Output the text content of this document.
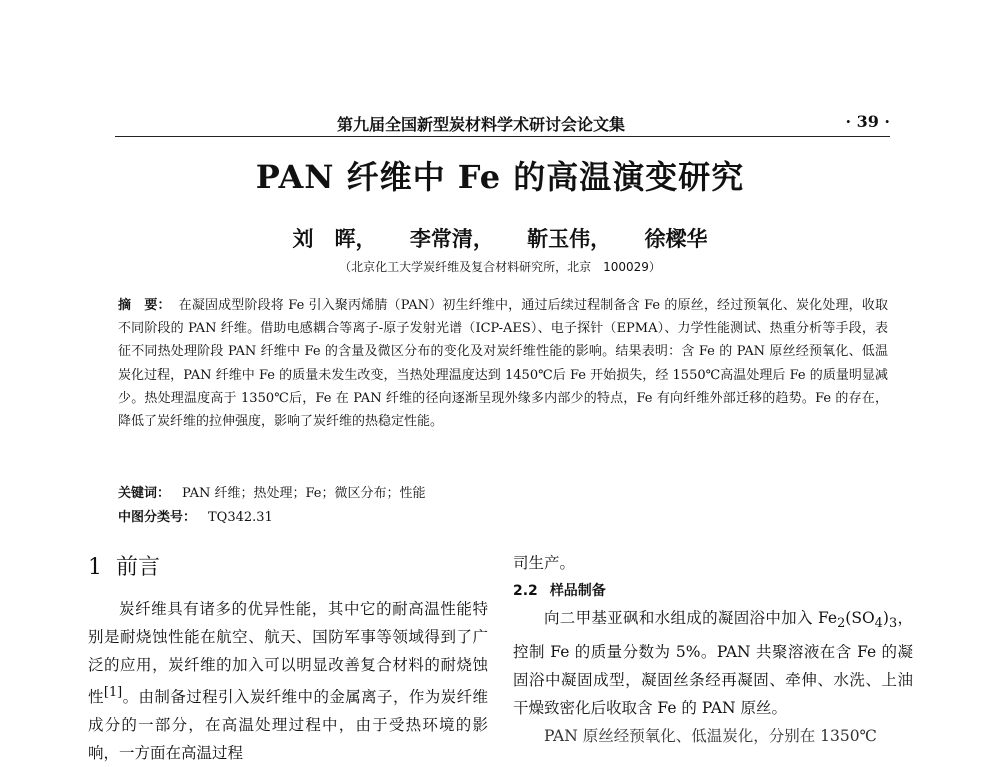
第九届全国新型炭材料学术研讨会论文集	· 39 ·
PAN 纤维中 Fe 的高温演变研究
刘　晖， 李常清， 靳玉伟， 徐樑华
（北京化工大学炭纤维及复合材料研究所，北京　100029）
摘　要： 在凝固成型阶段将 Fe 引入聚丙烯腈（PAN）初生纤维中，通过后续过程制备含 Fe 的原丝，经过预氧化、炭化处理，收取不同阶段的 PAN 纤维。借助电感耦合等离子-原子发射光谱（ICP-AES）、电子探针（EPMA）、力学性能测试、热重分析等手段，表征不同热处理阶段 PAN 纤维中 Fe 的含量及微区分布的变化及对炭纤维性能的影响。结果表明：含 Fe 的 PAN 原丝经预氧化、低温炭化过程，PAN 纤维中 Fe 的质量未发生改变，当热处理温度达到 1450℃后 Fe 开始损失，经 1550℃高温处理后 Fe 的质量明显减少。热处理温度高于 1350℃后，Fe 在 PAN 纤维的径向逐渐呈现外缘多内部少的特点，Fe 有向纤维外部迁移的趋势。Fe 的存在，降低了炭纤维的拉伸强度，影响了炭纤维的热稳定性能。
关键词： PAN 纤维；热处理；Fe；微区分布；性能
中图分类号： TQ342.31
1 前言

炭纤维具有诸多的优异性能，其中它的耐高温性能特别是耐烧蚀性能在航空、航天、国防军事等领域得到了广泛的应用，炭纤维的加入可以明显改善复合材料的耐烧蚀性[1]。由制备过程引入炭纤维中的金属离子，作为炭纤维成分的一部分，在高温处理过程中，由于受热环境的影响，一方面在高温过程

司生产。

2.2 样品制备

向二甲基亚砜和水组成的凝固浴中加入 $Fe_2(SO_4)_3$，控制 Fe 的质量分数为 5%。PAN 共聚溶液在含 Fe 的凝固浴中凝固成型，凝固丝条经再凝固、牵伸、水洗、上油干燥致密化后收取含 Fe 的 PAN 原丝。

PAN 原丝经预氧化、低温炭化，分别在 1350℃
